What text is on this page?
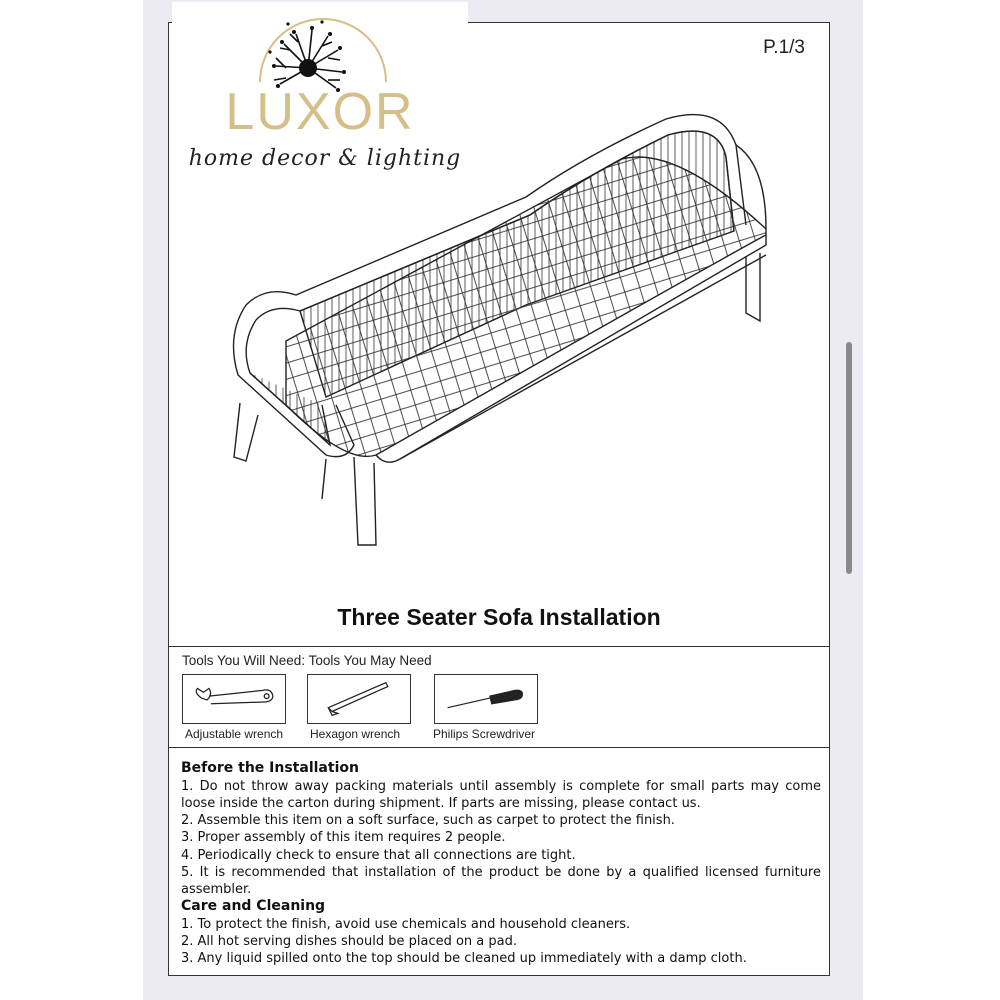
P.1/3
LUXOR
home decor & lighting
Three Seater Sofa Installation
Tools You Will Need: Tools You May Need
Adjustable wrench Hexagon wrench	Philips Screwdriver
Before the Installation

1. Do not throw away packing materials until assembly is complete for small parts may come loose inside the carton during shipment. If parts are missing, please contact us.

2. Assemble this item on a soft surface, such as carpet to protect the finish.

3. Proper assembly of this item requires 2 people.

4. Periodically check to ensure that all connections are tight.

5. It is recommended that installation of the product be done by a qualified licensed furniture assembler.

Care and Cleaning

1. To protect the finish, avoid use chemicals and household cleaners.

2. All hot serving dishes should be placed on a pad.

3. Any liquid spilled onto the top should be cleaned up immediately with a damp cloth.
